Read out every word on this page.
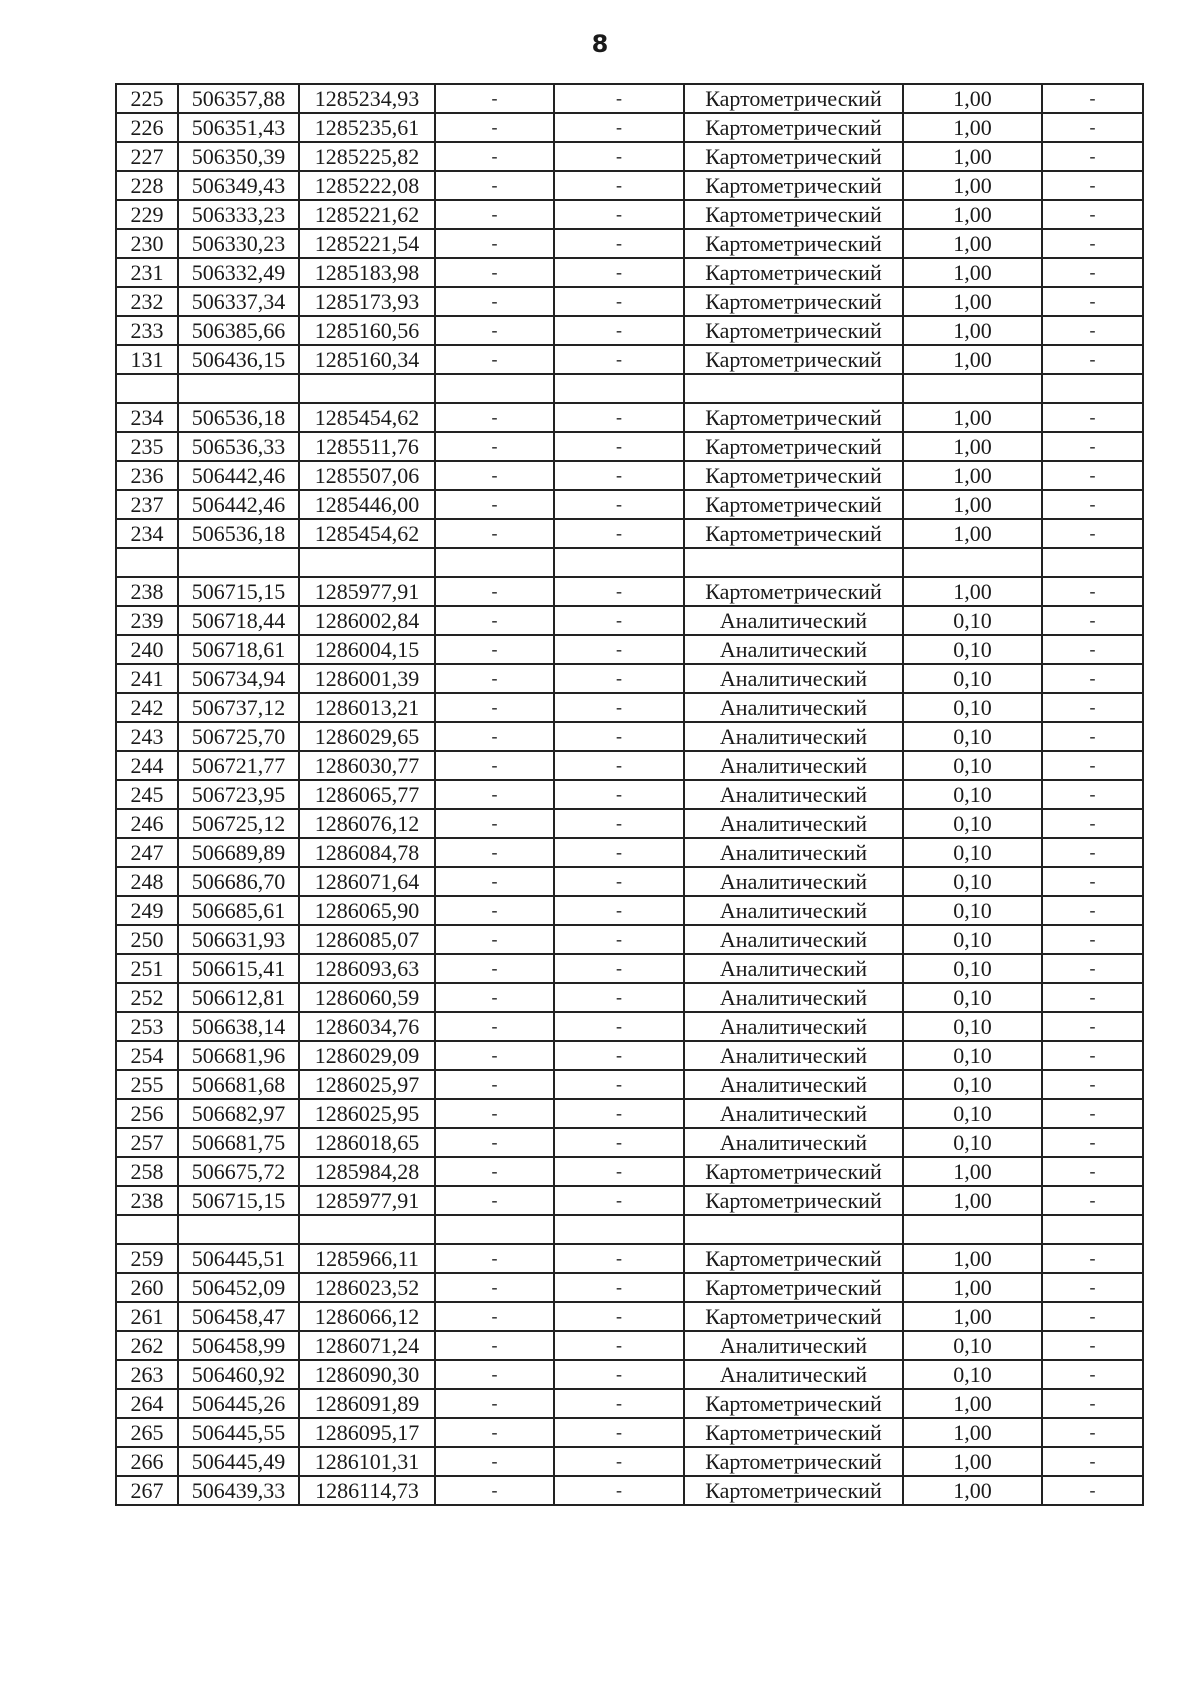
8
225	506357,88	1285234,93	-	-	Картометрический	1,00	-
226	506351,43	1285235,61	-	-	Картометрический	1,00	-
227	506350,39	1285225,82	-	-	Картометрический	1,00	-
228	506349,43	1285222,08	-	-	Картометрический	1,00	-
229	506333,23	1285221,62	-	-	Картометрический	1,00	-
230	506330,23	1285221,54	-	-	Картометрический	1,00	-
231	506332,49	1285183,98	-	-	Картометрический	1,00	-
232	506337,34	1285173,93	-	-	Картометрический	1,00	-
233	506385,66	1285160,56	-	-	Картометрический	1,00	-
131	506436,15	1285160,34	-	-	Картометрический	1,00	-

234	506536,18	1285454,62	-	-	Картометрический	1,00	-
235	506536,33	1285511,76	-	-	Картометрический	1,00	-
236	506442,46	1285507,06	-	-	Картометрический	1,00	-
237	506442,46	1285446,00	-	-	Картометрический	1,00	-
234	506536,18	1285454,62	-	-	Картометрический	1,00	-

238	506715,15	1285977,91	-	-	Картометрический	1,00	-
239	506718,44	1286002,84	-	-	Аналитический	0,10	-
240	506718,61	1286004,15	-	-	Аналитический	0,10	-
241	506734,94	1286001,39	-	-	Аналитический	0,10	-
242	506737,12	1286013,21	-	-	Аналитический	0,10	-
243	506725,70	1286029,65	-	-	Аналитический	0,10	-
244	506721,77	1286030,77	-	-	Аналитический	0,10	-
245	506723,95	1286065,77	-	-	Аналитический	0,10	-
246	506725,12	1286076,12	-	-	Аналитический	0,10	-
247	506689,89	1286084,78	-	-	Аналитический	0,10	-
248	506686,70	1286071,64	-	-	Аналитический	0,10	-
249	506685,61	1286065,90	-	-	Аналитический	0,10	-
250	506631,93	1286085,07	-	-	Аналитический	0,10	-
251	506615,41	1286093,63	-	-	Аналитический	0,10	-
252	506612,81	1286060,59	-	-	Аналитический	0,10	-
253	506638,14	1286034,76	-	-	Аналитический	0,10	-
254	506681,96	1286029,09	-	-	Аналитический	0,10	-
255	506681,68	1286025,97	-	-	Аналитический	0,10	-
256	506682,97	1286025,95	-	-	Аналитический	0,10	-
257	506681,75	1286018,65	-	-	Аналитический	0,10	-
258	506675,72	1285984,28	-	-	Картометрический	1,00	-
238	506715,15	1285977,91	-	-	Картометрический	1,00	-

259	506445,51	1285966,11	-	-	Картометрический	1,00	-
260	506452,09	1286023,52	-	-	Картометрический	1,00	-
261	506458,47	1286066,12	-	-	Картометрический	1,00	-
262	506458,99	1286071,24	-	-	Аналитический	0,10	-
263	506460,92	1286090,30	-	-	Аналитический	0,10	-
264	506445,26	1286091,89	-	-	Картометрический	1,00	-
265	506445,55	1286095,17	-	-	Картометрический	1,00	-
266	506445,49	1286101,31	-	-	Картометрический	1,00	-
267	506439,33	1286114,73	-	-	Картометрический	1,00	-
